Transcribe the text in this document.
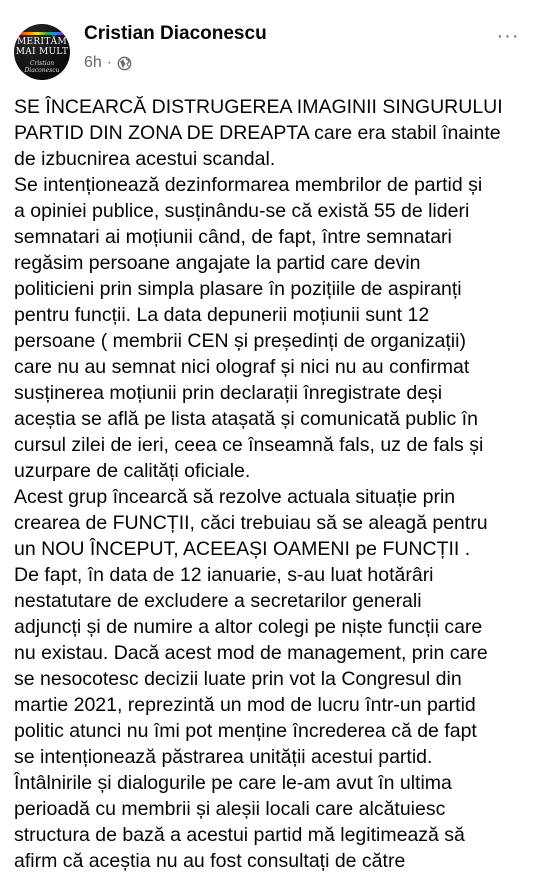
MERITĂM
MAI MULT
Cristian Diaconescu
Cristian Diaconescu
6h ·
···
SE ÎNCEARCĂ DISTRUGEREA IMAGINII SINGURULUI
PARTID DIN ZONA DE DREAPTA care era stabil înainte
de izbucnirea acestui scandal.
Se intenționează dezinformarea membrilor de partid și
a opiniei publice, susținându-se că există 55 de lideri
semnatari ai moțiunii când, de fapt, între semnatari
regăsim persoane angajate la partid care devin
politicieni prin simpla plasare în pozițiile de aspiranți
pentru funcții. La data depunerii moțiunii sunt 12
persoane ( membrii CEN și președinți de organizații)
care nu au semnat nici olograf și nici nu au confirmat
susținerea moțiunii prin declarații înregistrate deși
aceștia se află pe lista atașată și comunicată public în
cursul zilei de ieri, ceea ce înseamnă fals, uz de fals și
uzurpare de calități oficiale.
Acest grup încearcă să rezolve actuala situație prin
crearea de FUNCȚII, căci trebuiau să se aleagă pentru
un NOU ÎNCEPUT, ACEEAȘI OAMENI pe FUNCȚII .
De fapt, în data de 12 ianuarie, s-au luat hotărâri
nestatutare de excludere a secretarilor generali
adjuncți și de numire a altor colegi pe niște funcții care
nu existau. Dacă acest mod de management, prin care
se nesocotesc decizii luate prin vot la Congresul din
martie 2021, reprezintă un mod de lucru într-un partid
politic atunci nu îmi pot menține încrederea că de fapt
se intenționează păstrarea unității acestui partid.
Întâlnirile și dialogurile pe care le-am avut în ultima
perioadă cu membrii și aleșii locali care alcătuiesc
structura de bază a acestui partid mă legitimează să
afirm că aceștia nu au fost consultați de către
